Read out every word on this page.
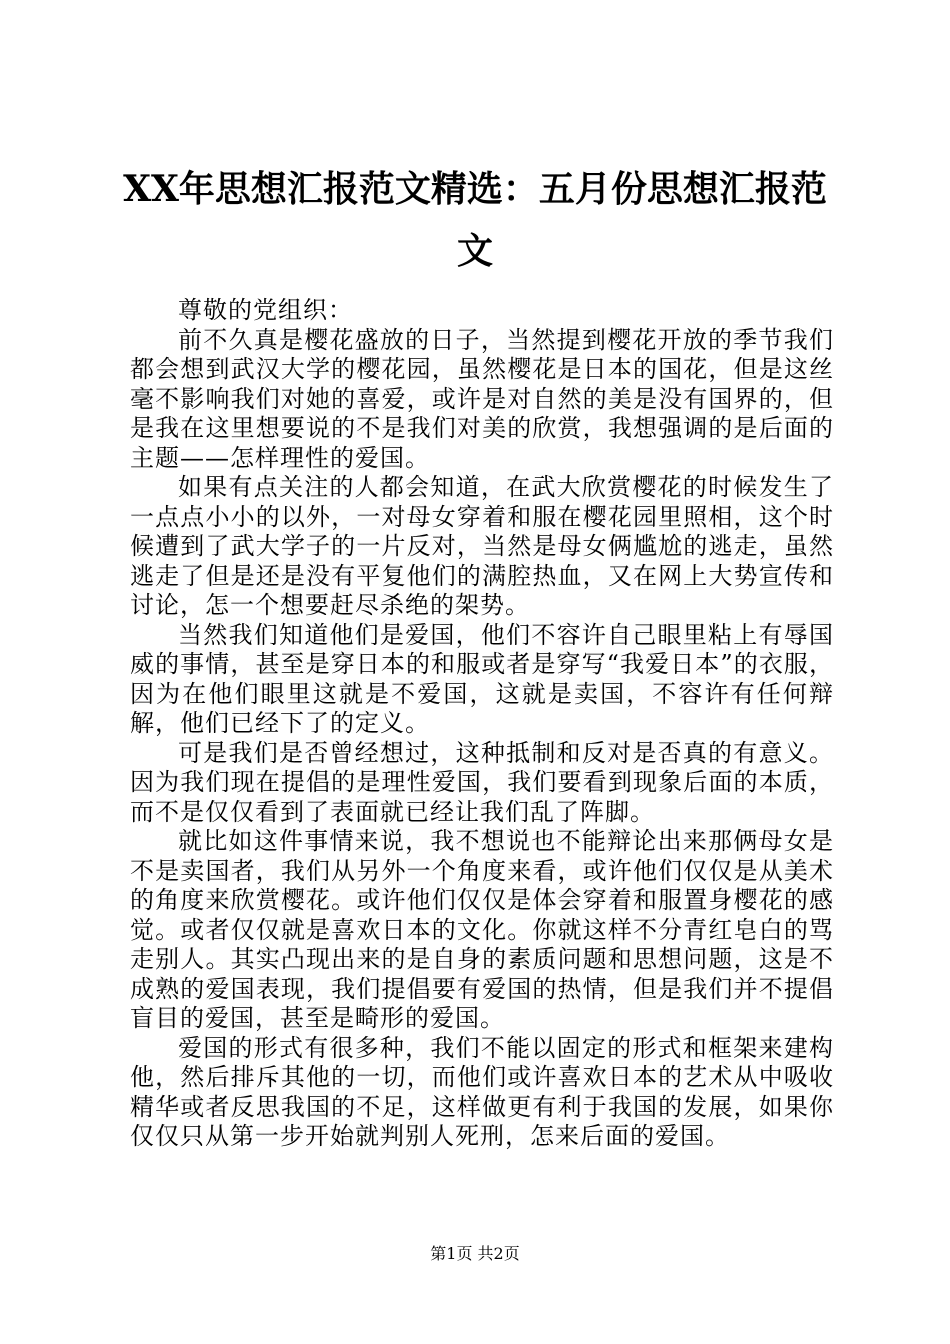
XX年思想汇报范文精选：五月份思想汇报范文

尊敬的党组织：

前不久真是樱花盛放的日子，当然提到樱花开放的季节我们都会想到武汉大学的樱花园，虽然樱花是日本的国花，但是这丝毫不影响我们对她的喜爱，或许是对自然的美是没有国界的，但是我在这里想要说的不是我们对美的欣赏，我想强调的是后面的主题——怎样理性的爱国。

如果有点关注的人都会知道，在武大欣赏樱花的时候发生了一点点小小的以外，一对母女穿着和服在樱花园里照相，这个时候遭到了武大学子的一片反对，当然是母女俩尴尬的逃走，虽然逃走了但是还是没有平复他们的满腔热血，又在网上大势宣传和讨论，怎一个想要赶尽杀绝的架势。

当然我们知道他们是爱国，他们不容许自己眼里粘上有辱国威的事情，甚至是穿日本的和服或者是穿写“我爱日本”的衣服，因为在他们眼里这就是不爱国，这就是卖国，不容许有任何辩解，他们已经下了的定义。

可是我们是否曾经想过，这种抵制和反对是否真的有意义。因为我们现在提倡的是理性爱国，我们要看到现象后面的本质，而不是仅仅看到了表面就已经让我们乱了阵脚。

就比如这件事情来说，我不想说也不能辩论出来那俩母女是不是卖国者，我们从另外一个角度来看，或许他们仅仅是从美术的角度来欣赏樱花。或许他们仅仅是体会穿着和服置身樱花的感觉。或者仅仅就是喜欢日本的文化。你就这样不分青红皂白的骂走别人。其实凸现出来的是自身的素质问题和思想问题，这是不成熟的爱国表现，我们提倡要有爱国的热情，但是我们并不提倡盲目的爱国，甚至是畸形的爱国。

爱国的形式有很多种，我们不能以固定的形式和框架来建构他，然后排斥其他的一切，而他们或许喜欢日本的艺术从中吸收精华或者反思我国的不足，这样做更有利于我国的发展，如果你仅仅只从第一步开始就判别人死刑，怎来后面的爱国。

第1页 共2页
